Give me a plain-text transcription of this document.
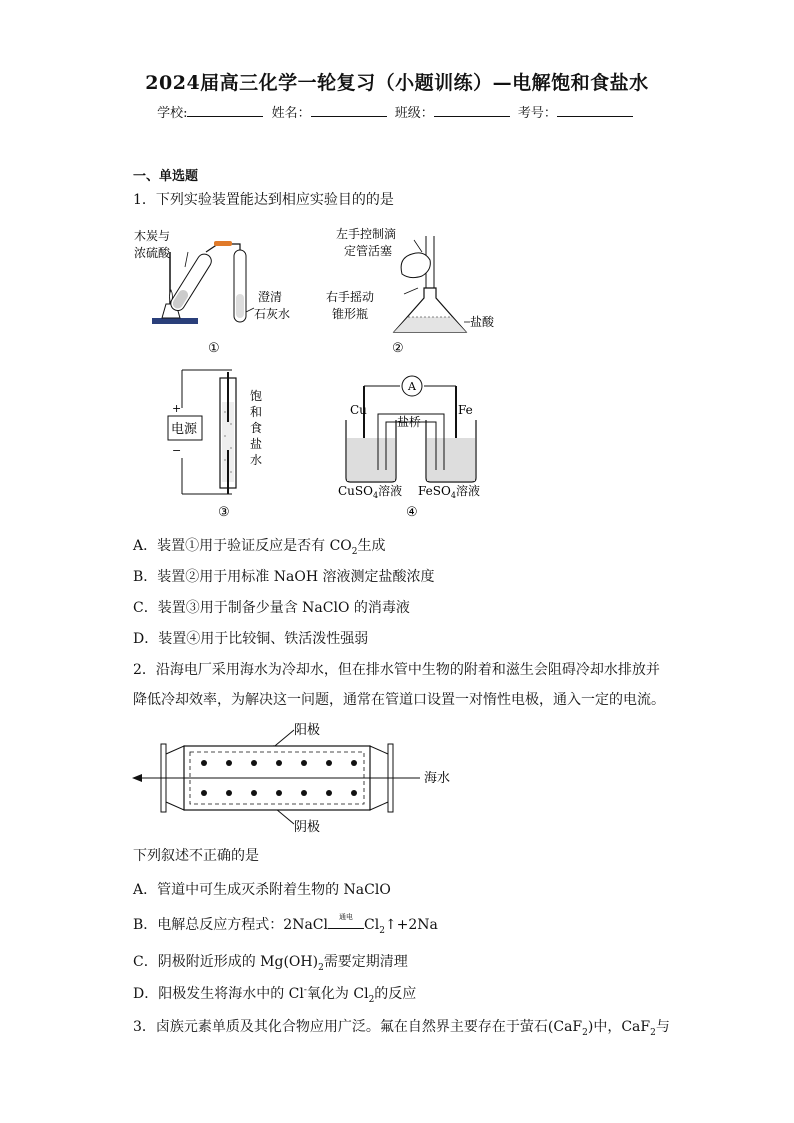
2024届高三化学一轮复习（小题训练）—电解饱和食盐水
学校:	姓名：	班级：	考号：
一、单选题
1．下列实验装置能达到相应实验目的的是
木炭与
浓硫酸
澄清
石灰水
①
左手控制滴
定管活塞
右手摇动
锥形瓶
盐酸
②
电源
+
−
饱
和
食
盐
水
③
A
Cu	Fe
盐桥
CuSO$_4$溶液 FeSO$_4$溶液
④
A．装置①用于验证反应是否有 $CO_2$生成
B．装置②用于用标准 NaOH 溶液测定盐酸浓度
C．装置③用于制备少量含 NaClO 的消毒液
D．装置④用于比较铜、铁活泼性强弱
2．沿海电厂采用海水为冷却水，但在排水管中生物的附着和滋生会阻碍冷却水排放并
降低冷却效率，为解决这一问题，通常在管道口设置一对惰性电极，通入一定的电流。
阳极
阴极
海水
下列叙述不正确的是
A．管道中可生成灭杀附着生物的 NaClO
B．电解总反应方程式：2NaCl	通电 $Cl_2↑+2Na$
C．阴极附近形成的 $Mg(OH)_2$需要定期清理
D．阳极发生将海水中的 Cl-氧化为 $Cl_2$的反应
3．卤族元素单质及其化合物应用广泛。氟在自然界主要存在于萤石(CaF$_2$)中，CaF$_2$与
